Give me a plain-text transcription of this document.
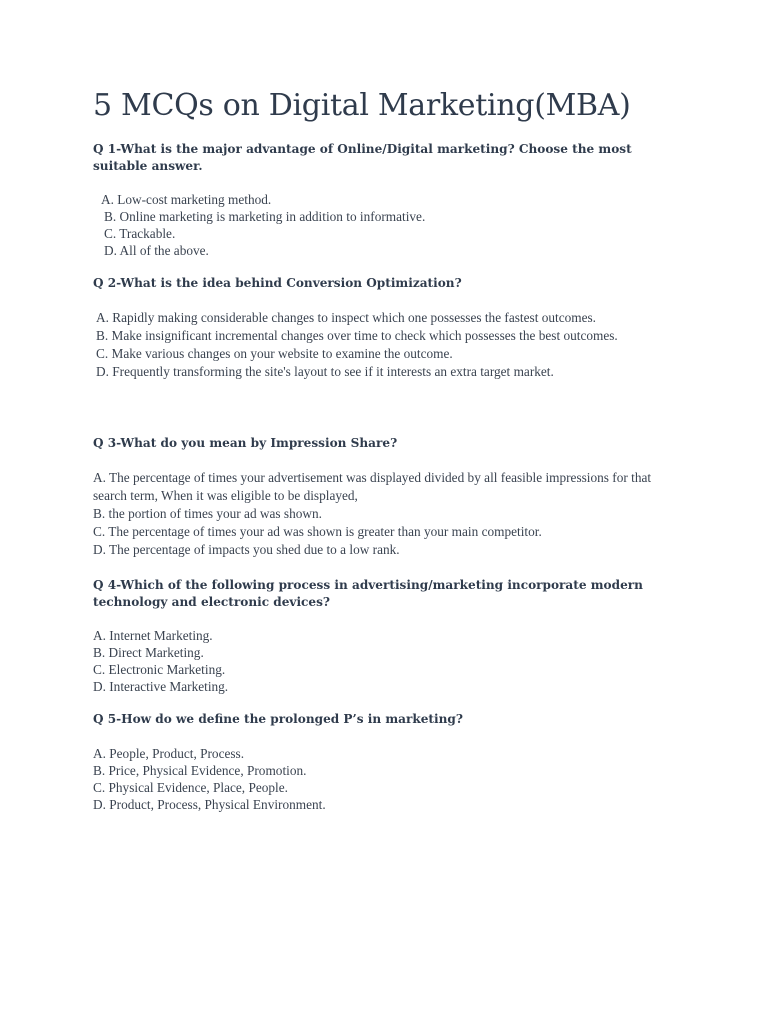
5 MCQs on Digital Marketing(MBA)

Q 1-What is the major advantage of Online/Digital marketing? Choose the most suitable answer.

A. Low-cost marketing method.
B. Online marketing is marketing in addition to informative.
C. Trackable.
D. All of the above.

Q 2-What is the idea behind Conversion Optimization?

A. Rapidly making considerable changes to inspect which one possesses the fastest outcomes.
B. Make insignificant incremental changes over time to check which possesses the best outcomes.
C. Make various changes on your website to examine the outcome.
D. Frequently transforming the site's layout to see if it interests an extra target market.

Q 3-What do you mean by Impression Share?

A. The percentage of times your advertisement was displayed divided by all feasible impressions for that search term, When it was eligible to be displayed,
B. the portion of times your ad was shown.
C. The percentage of times your ad was shown is greater than your main competitor.
D. The percentage of impacts you shed due to a low rank.

Q 4-Which of the following process in advertising/marketing incorporate modern technology and electronic devices?

A. Internet Marketing.
B. Direct Marketing.
C. Electronic Marketing.
D. Interactive Marketing.

Q 5-How do we define the prolonged P’s in marketing?

A. People, Product, Process.
B. Price, Physical Evidence, Promotion.
C. Physical Evidence, Place, People.
D. Product, Process, Physical Environment.
